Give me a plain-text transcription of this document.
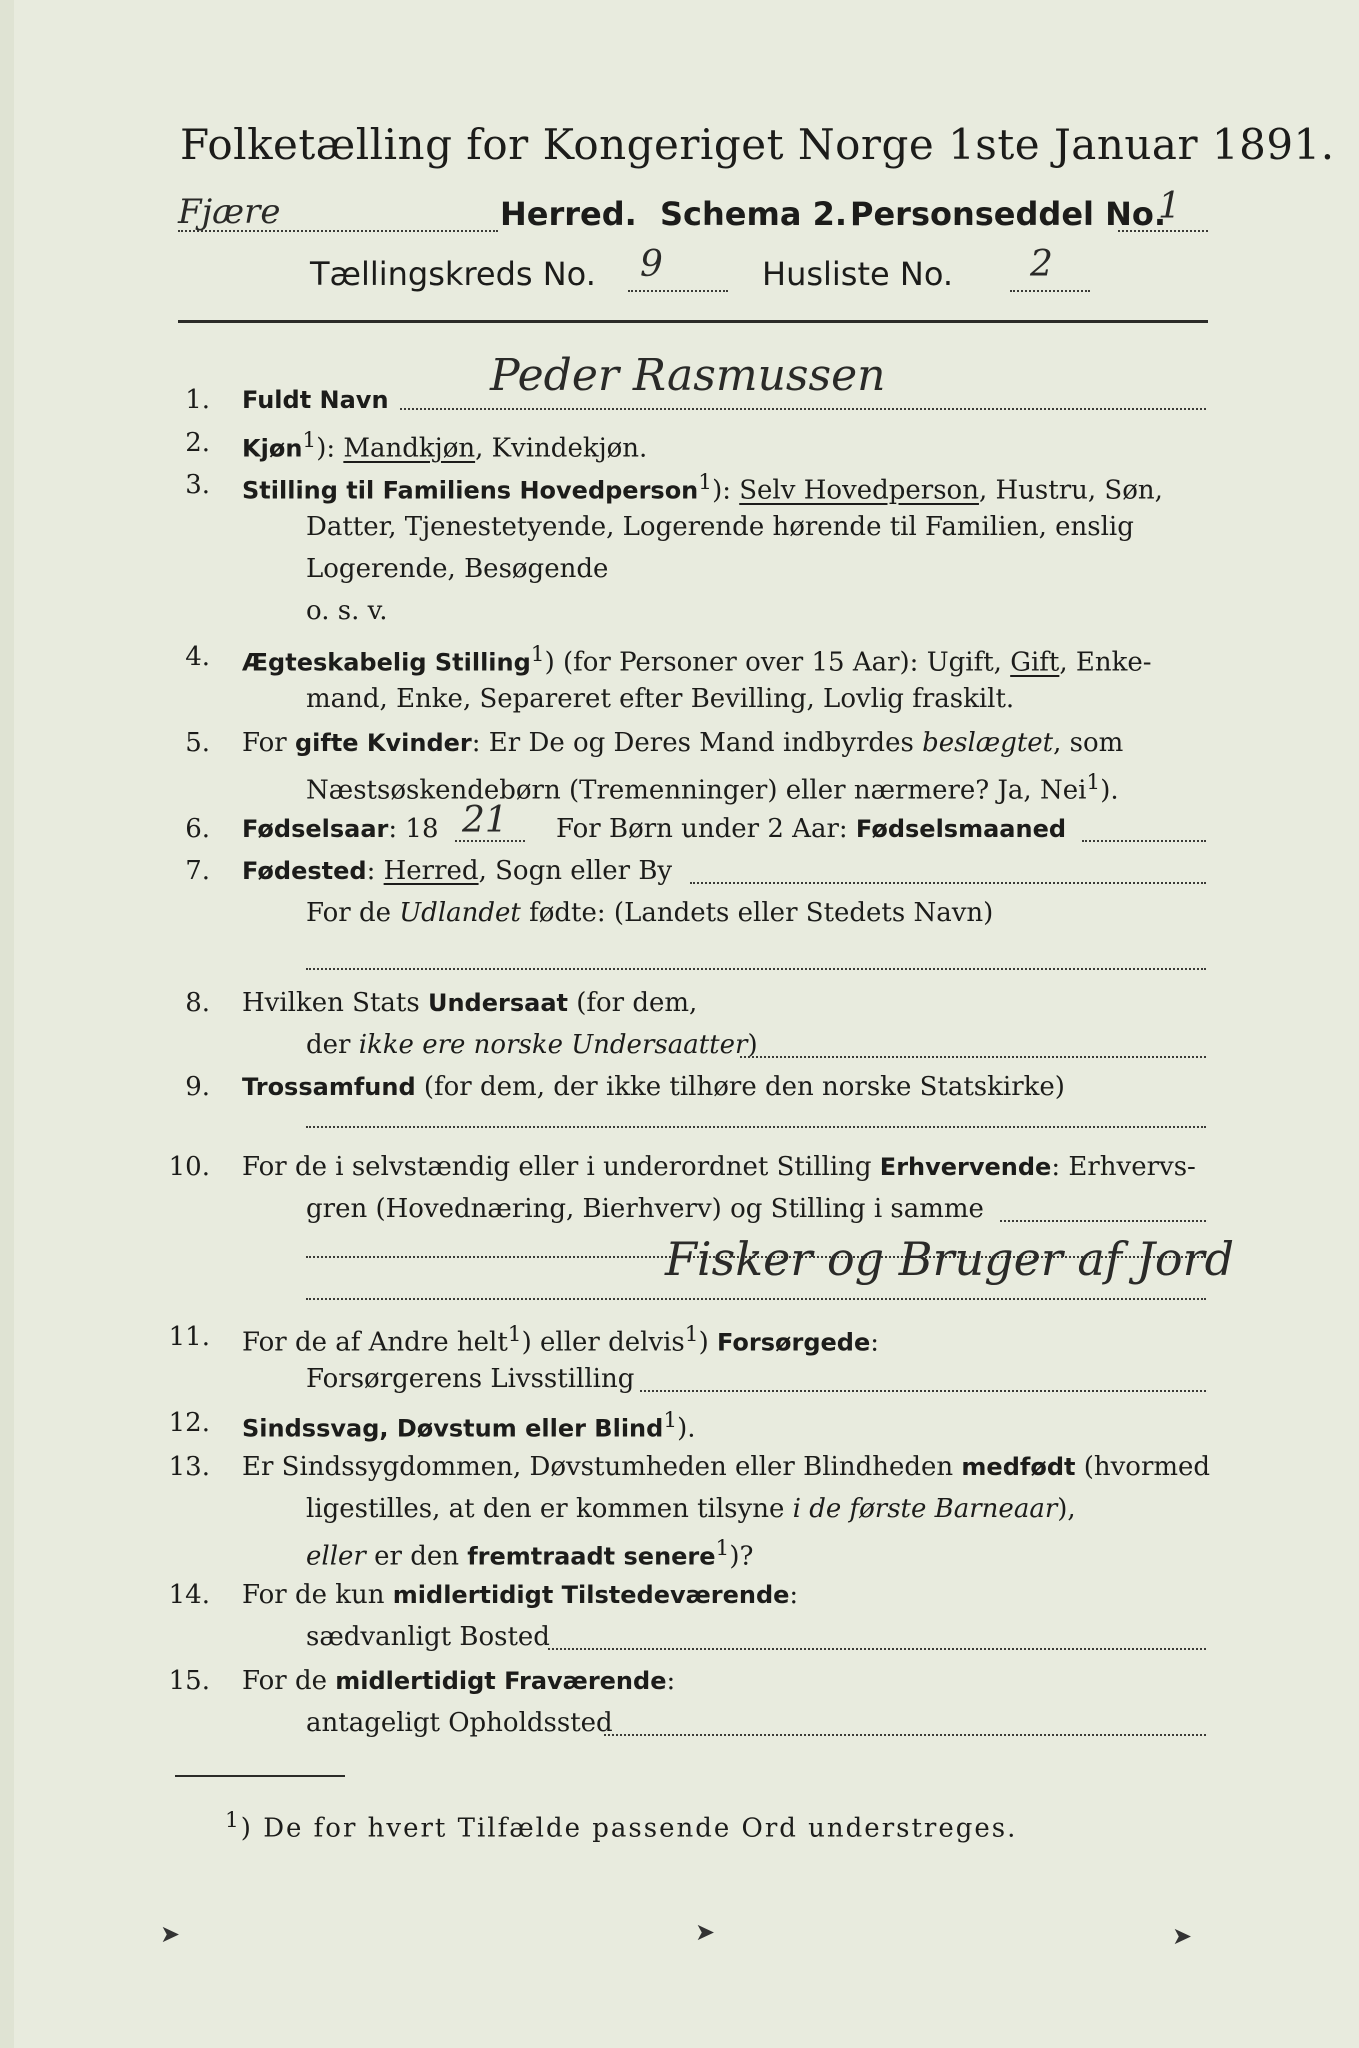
Folketælling for Kongeriget Norge 1ste Januar 1891.
Fjære	Herred. Schema 2. Personseddel No.
1
Tællingskreds No. 9	Husliste No. 2
1. Fuldt Navn Peder Rasmussen
2. Kjøn$^1$): Mandkjøn, Kvindekjøn.
3. Stilling til Familiens Hovedperson$^1$): Selv Hovedperson, Hustru, Søn,
Datter, Tjenestetyende, Logerende hørende til Familien, enslig
Logerende, Besøgende
o. s. v.
4. Ægteskabelig Stilling$^1$) (for Personer over 15 Aar): Ugift, Gift, Enke-
mand, Enke, Separeret efter Bevilling, Lovlig fraskilt.
5. For gifte Kvinder: Er De og Deres Mand indbyrdes beslægtet, som
Næstsøskendebørn (Tremenninger) eller nærmere? Ja, Nei$^1$).
6. Fødselsaar: 18 21 For Børn under 2 Aar: Fødselsmaaned
7. Fødested: Herred, Sogn eller By
For de Udlandet fødte: (Landets eller Stedets Navn)
8. Hvilken Stats Undersaat (for dem,
der ikke ere norske Undersaatter)
9. Trossamfund (for dem, der ikke tilhøre den norske Statskirke)
10. For de i selvstændig eller i underordnet Stilling Erhvervende: Erhvervs-
gren (Hovednæring, Bierhverv) og Stilling i samme
Fisker og Bruger af Jord
11. For de af Andre helt$^1$) eller delvis$^1$) Forsørgede:
Forsørgerens Livsstilling
12. Sindssvag, Døvstum eller Blind$^1$).
13. Er Sindssygdommen, Døvstumheden eller Blindheden medfødt (hvormed
ligestilles, at den er kommen tilsyne i de første Barneaar),
eller er den fremtraadt senere$^1$)?
14. For de kun midlertidigt Tilstedeværende:
sædvanligt Bosted
15. For de midlertidigt Fraværende:
antageligt Opholdssted
$^1$) De for hvert Tilfælde passende Ord understreges.
➤	➤	➤
